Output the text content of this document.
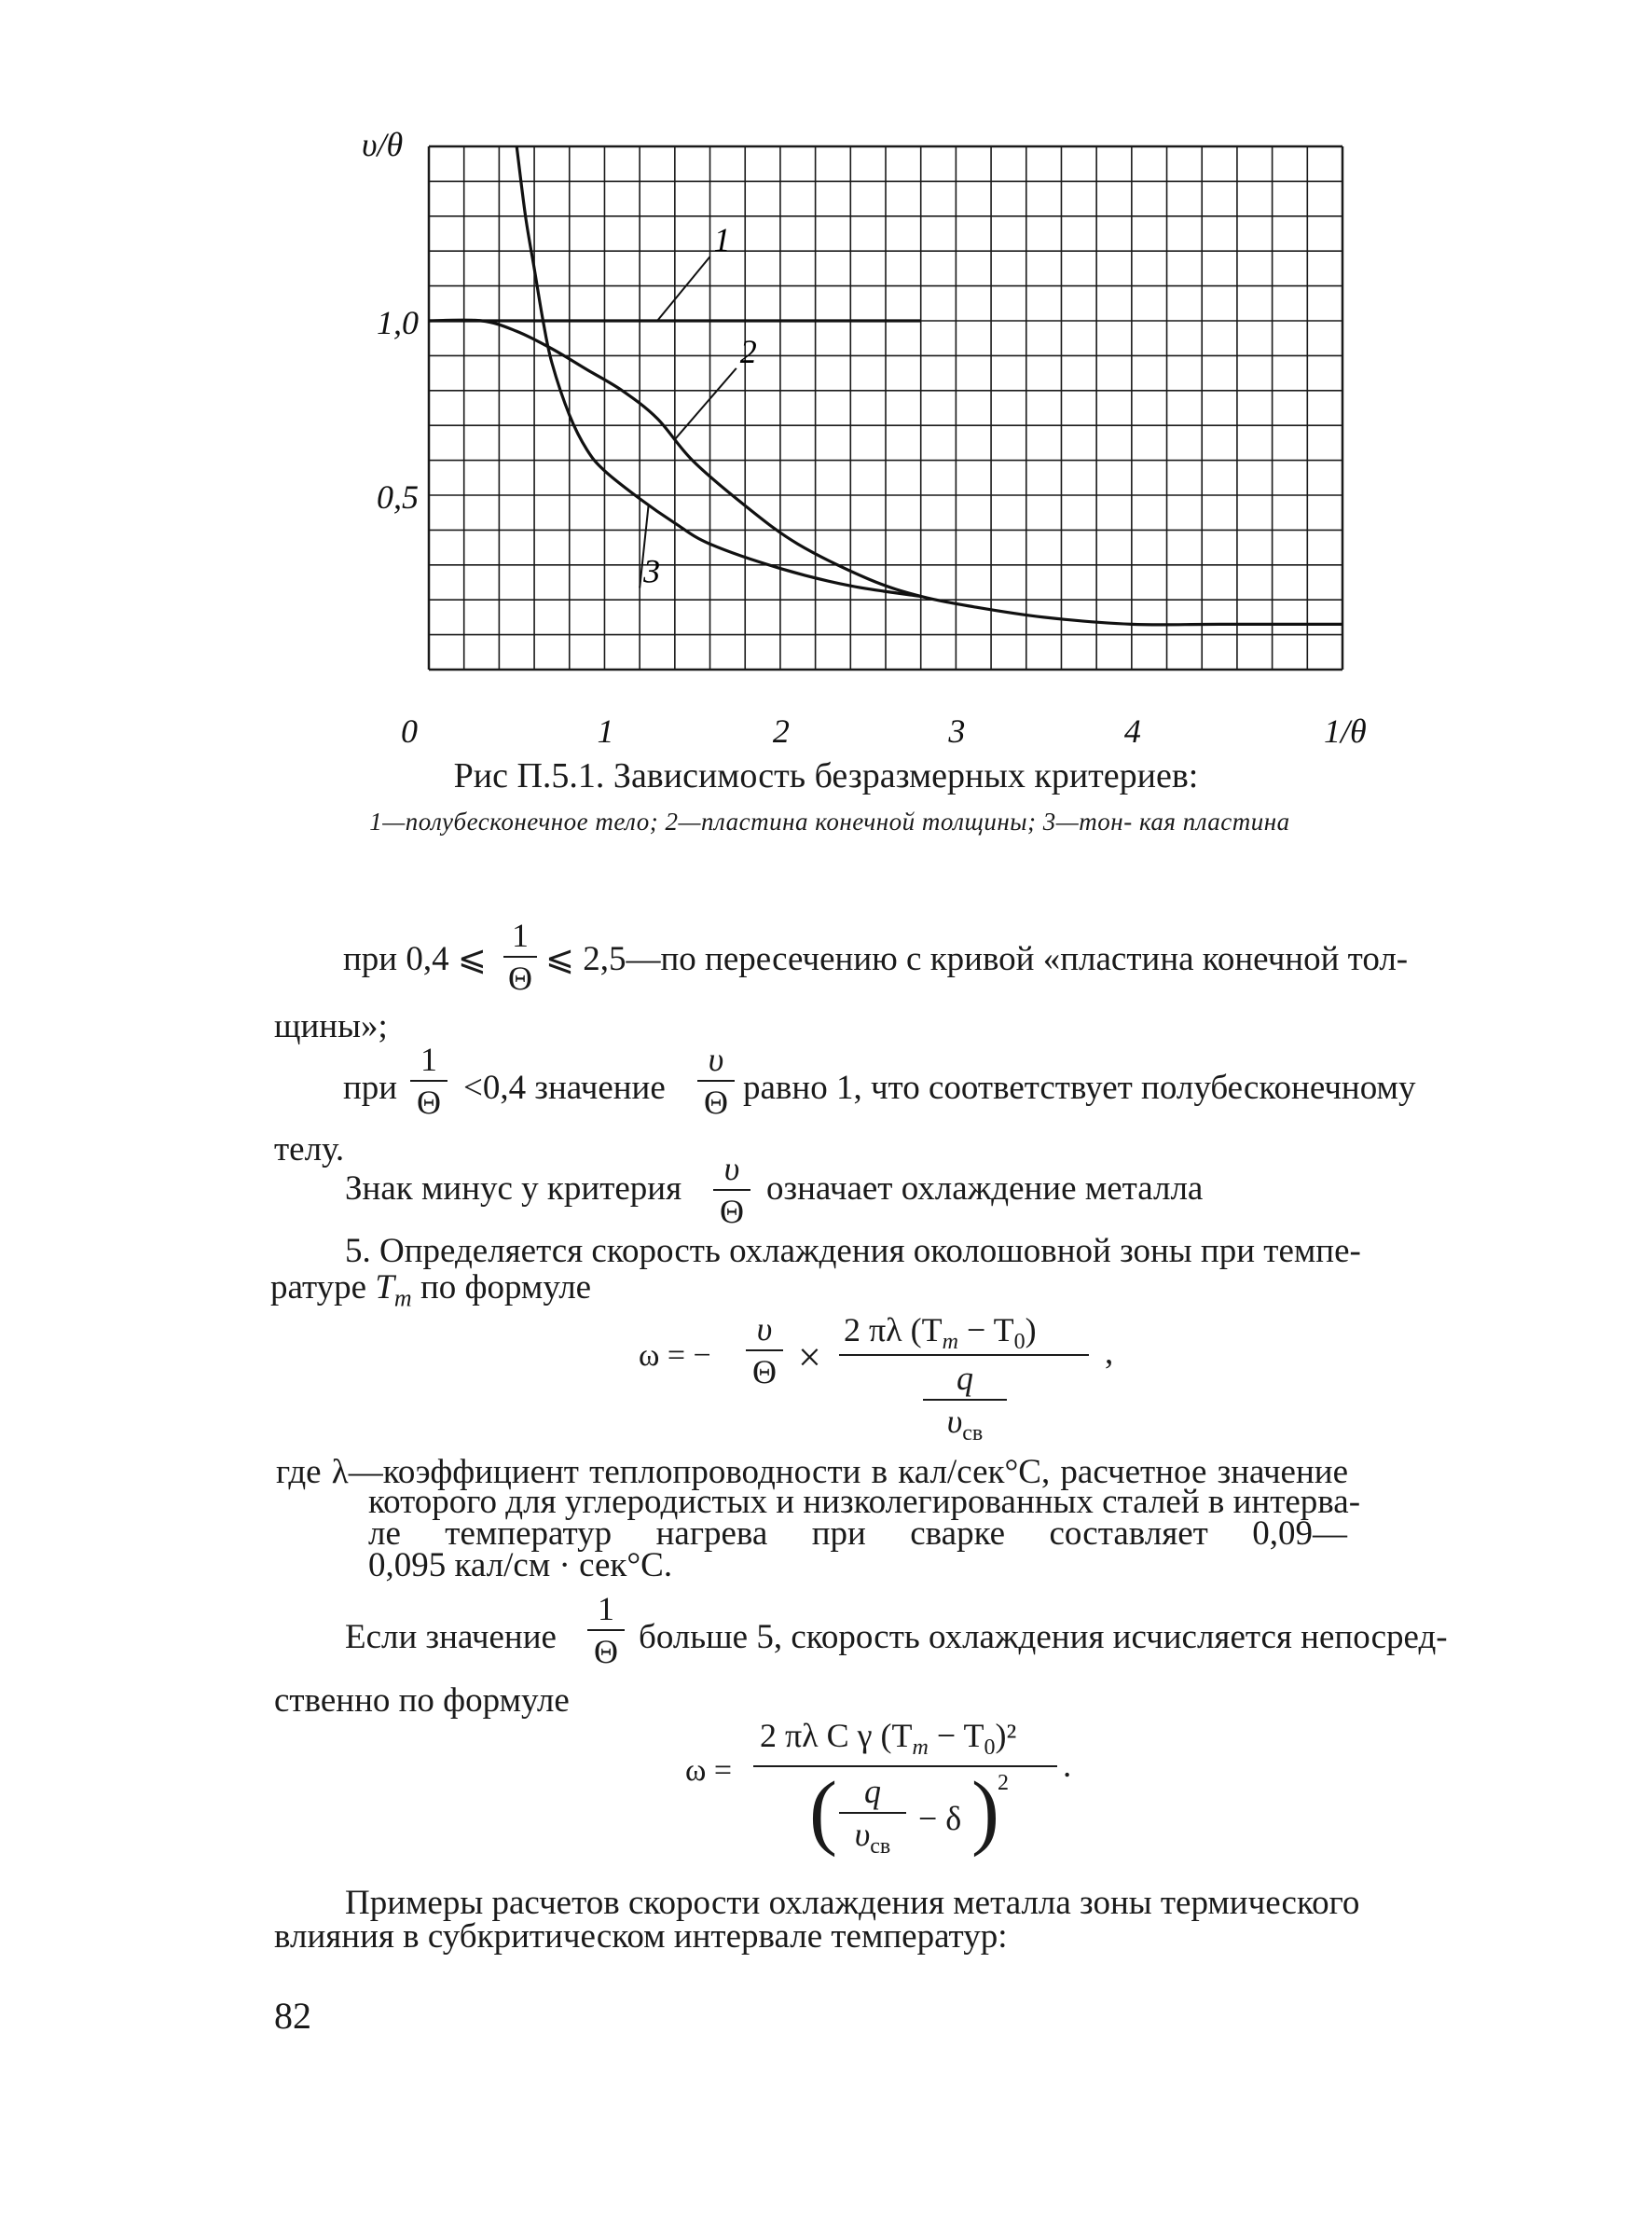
1
2
3
υ/θ
1/θ
0	1	2	3	4
0,5
1,0
Рис П.5.1. Зависимость безразмерных критериев:
1—полубесконечное тело; 2—пластина конечной толщины; 3—тон- кая пластина
при 0,4 ⩽
1
Θ ⩽ 2,5—по пересечению с кривой «пластина конечной тол-
щины»;
при
1
Θ <0,4 значение
υ
Θ равно 1, что соответствует полубесконечному
телу.
Знак минус у критерия
υ
Θ
означает охлаждение металла
5. Определяется скорость охлаждения околошовной зоны при темпе-
ратуре $T_m$ по формуле
ω = −
υ
Θ ×
2 πλ $(T_m - T_0)$
q
$\upsilon_{св}$
,
где λ—коэффициент теплопроводности в кал/сек°С, расчетное значение
которого для углеродистых и низколегированных сталей в интерва-
ле температур нагрева при сварке составляет 0,09—
0,095 кал/см · сек°С.
Если значение
1
Θ больше 5, скорость охлаждения исчисляется непосред-
ственно по формуле
ω =
2 πλ C γ $(T_m - T_0)^2$
( q
$\upsilon_{св}$
− δ )
2 .
Примеры расчетов скорости охлаждения металла зоны термического
влияния в субкритическом интервале температур:
82
